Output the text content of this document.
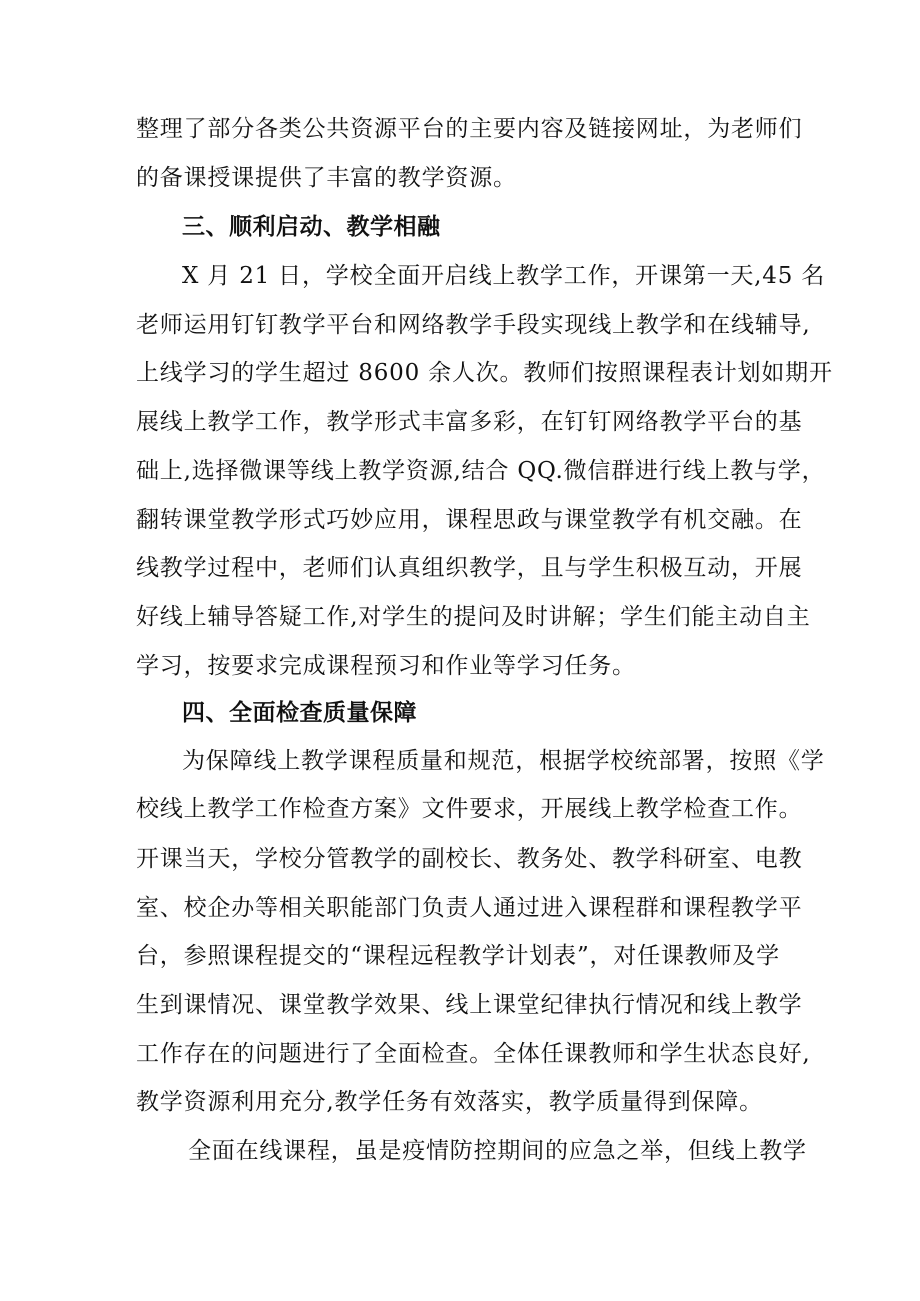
整理了部分各类公共资源平台的主要内容及链接网址，为老师们
的备课授课提供了丰富的教学资源。
三、顺利启动、教学相融
X 月 21 日，学校全面开启线上教学工作，开课第一天,45 名
老师运用钉钉教学平台和网络教学手段实现线上教学和在线辅导,
上线学习的学生超过 8600 余人次。教师们按照课程表计划如期开
展线上教学工作，教学形式丰富多彩，在钉钉网络教学平台的基
础上,选择微课等线上教学资源,结合 QQ.微信群进行线上教与学，
翻转课堂教学形式巧妙应用，课程思政与课堂教学有机交融。在
线教学过程中，老师们认真组织教学，且与学生积极互动，开展
好线上辅导答疑工作,对学生的提问及时讲解；学生们能主动自主
学习，按要求完成课程预习和作业等学习任务。
四、全面检查质量保障
为保障线上教学课程质量和规范，根据学校统部署，按照《学
校线上教学工作检查方案》文件要求，开展线上教学检查工作。
开课当天，学校分管教学的副校长、教务处、教学科研室、电教
室、校企办等相关职能部门负责人通过进入课程群和课程教学平
台，参照课程提交的“课程远程教学计划表”，对任课教师及学
生到课情况、课堂教学效果、线上课堂纪律执行情况和线上教学
工作存在的问题进行了全面检查。全体任课教师和学生状态良好,
教学资源利用充分,教学任务有效落实，教学质量得到保障。
全面在线课程，虽是疫情防控期间的应急之举，但线上教学
